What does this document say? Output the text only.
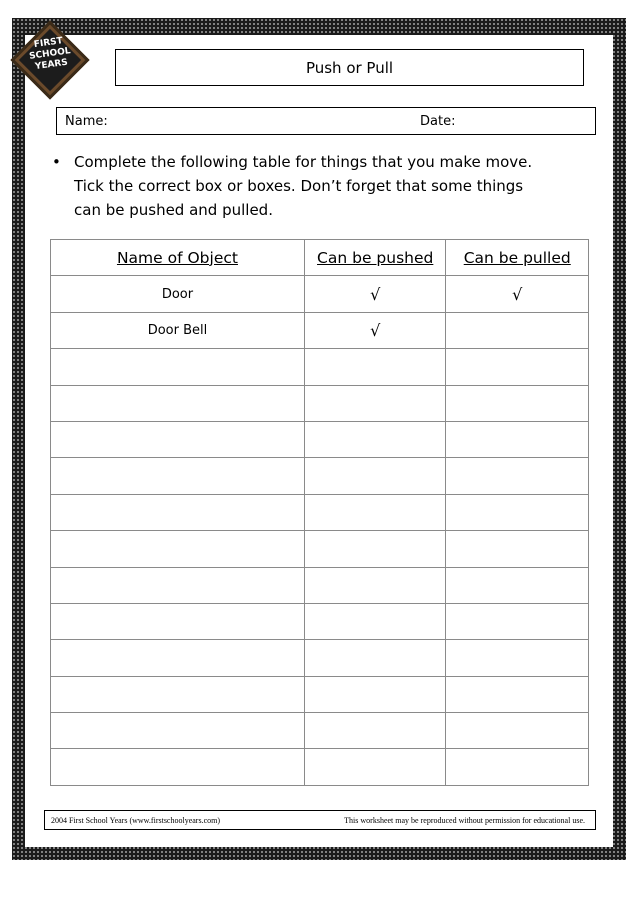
FIRST
SCHOOL
YEARS	Push or Pull
Name:	Date:
• Complete the following table for things that you make move.
Tick the correct box or boxes. Don’t forget that some things
can be pushed and pulled.
Name of Object	Can be pushed	Can be pulled
Door	√	√
Door Bell	√	

2004 First School Years (www.firstschoolyears.com)	This worksheet may be reproduced without permission for educational use.
